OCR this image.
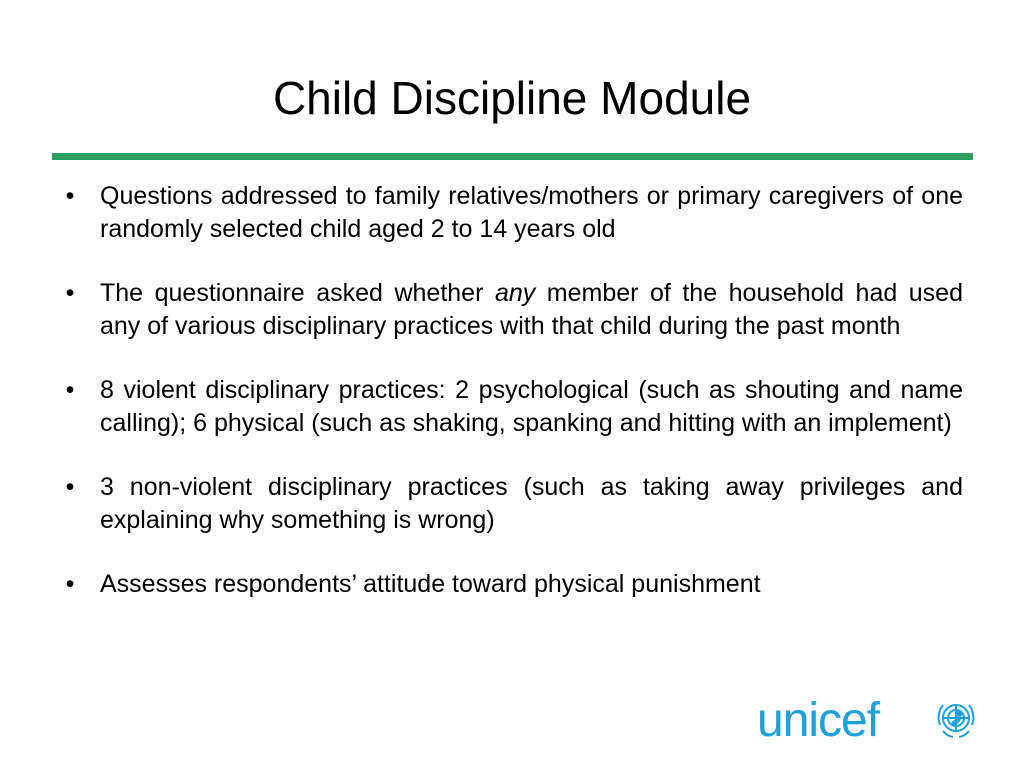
Child Discipline Module
• Questions addressed to family relatives/mothers or primary caregivers of one randomly selected child aged 2 to 14 years old
• The questionnaire asked whether any member of the household had used any of various disciplinary practices with that child during the past month
• 8 violent disciplinary practices: 2 psychological (such as shouting and name calling); 6 physical (such as shaking, spanking and hitting with an implement)
• 3 non-violent disciplinary practices (such as taking away privileges and explaining why something is wrong)
• Assesses respondents’ attitude toward physical punishment
unicef
